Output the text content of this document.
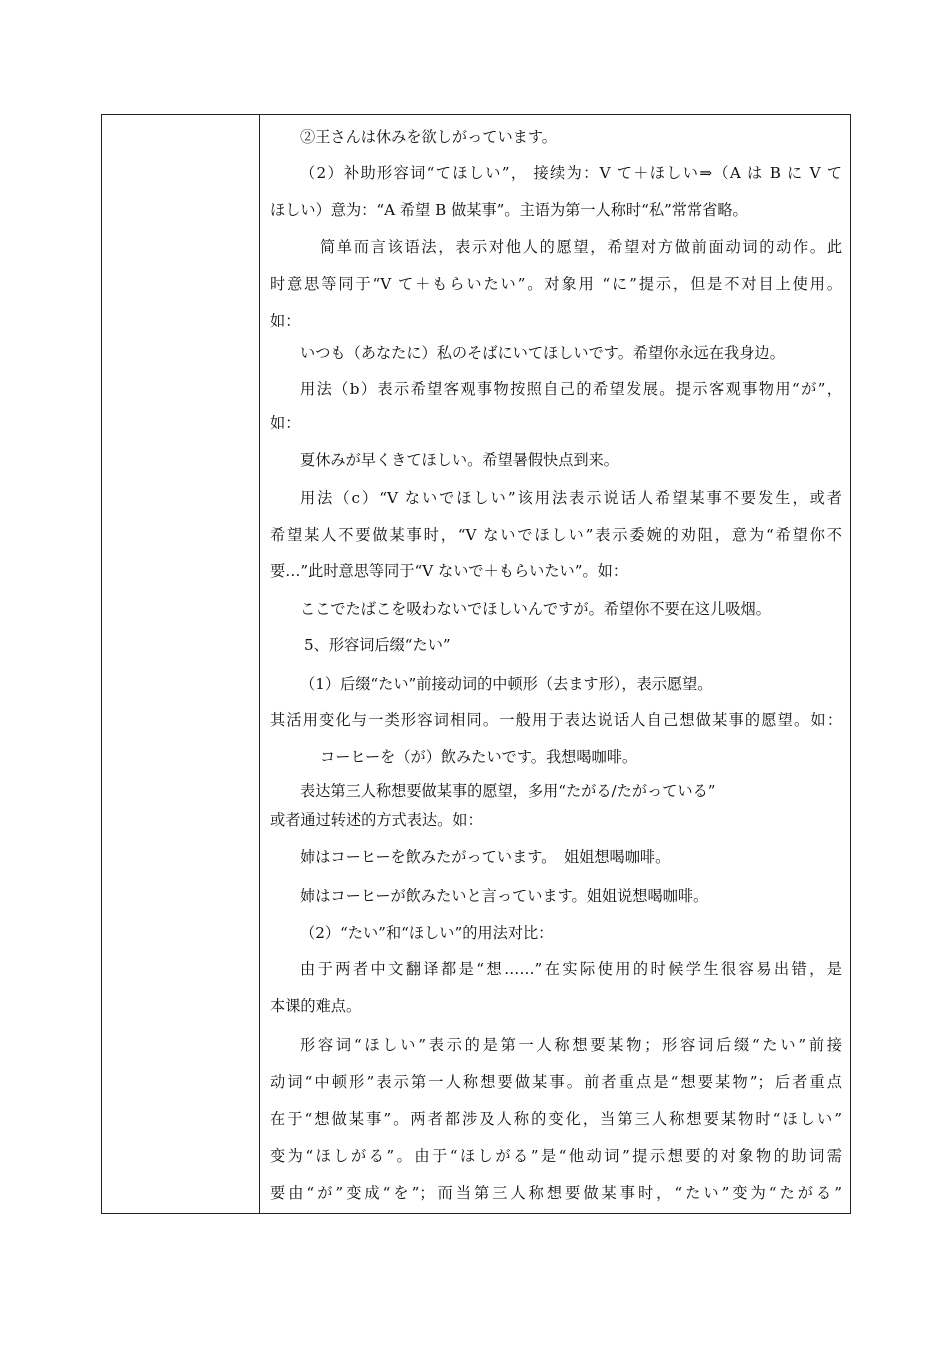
②王さんは休みを欲しがっています。
（2）补助形容词“てほしい”， 接续为：V て＋ほしい⇒（A は B に V て
ほしい）意为：“A 希望 B 做某事”。主语为第一人称时“私”常常省略。
简单而言该语法，表示对他人的愿望，希望对方做前面动词的动作。此
时意思等同于“V て＋もらいたい”。对象用 “に”提示，但是不对目上使用。
如：
いつも（あなたに）私のそばにいてほしいです。希望你永远在我身边。
用法（b）表示希望客观事物按照自己的希望发展。提示客观事物用“が”，
如：
夏休みが早くきてほしい。希望暑假快点到来。
用法（c）“V ないでほしい”该用法表示说话人希望某事不要发生，或者
希望某人不要做某事时，“V ないでほしい”表示委婉的劝阻，意为“希望你不
要…”此时意思等同于“V ないで＋もらいたい”。如：
ここでたばこを吸わないでほしいんですが。希望你不要在这儿吸烟。
5、形容词后缀“たい”
（1）后缀“たい”前接动词的中顿形（去ます形），表示愿望。
其活用变化与一类形容词相同。一般用于表达说话人自己想做某事的愿望。如：
コーヒーを（が）飲みたいです。我想喝咖啡。
表达第三人称想要做某事的愿望，多用“たがる/たがっている”
或者通过转述的方式表达。如：
姉はコーヒーを飲みたがっています。　姐姐想喝咖啡。
姉はコーヒーが飲みたいと言っています。姐姐说想喝咖啡。
（2）“たい”和“ほしい”的用法对比：
由于两者中文翻译都是“想……”在实际使用的时候学生很容易出错，是
本课的难点。
形容词“ほしい”表示的是第一人称想要某物；形容词后缀“たい”前接
动词“中顿形”表示第一人称想要做某事。前者重点是“想要某物”；后者重点
在于“想做某事”。两者都涉及人称的变化，当第三人称想要某物时“ほしい”
变为“ほしがる”。由于“ほしがる”是“他动词”提示想要的对象物的助词需
要由“が”变成“を”；而当第三人称想要做某事时，“たい”变为“たがる”
